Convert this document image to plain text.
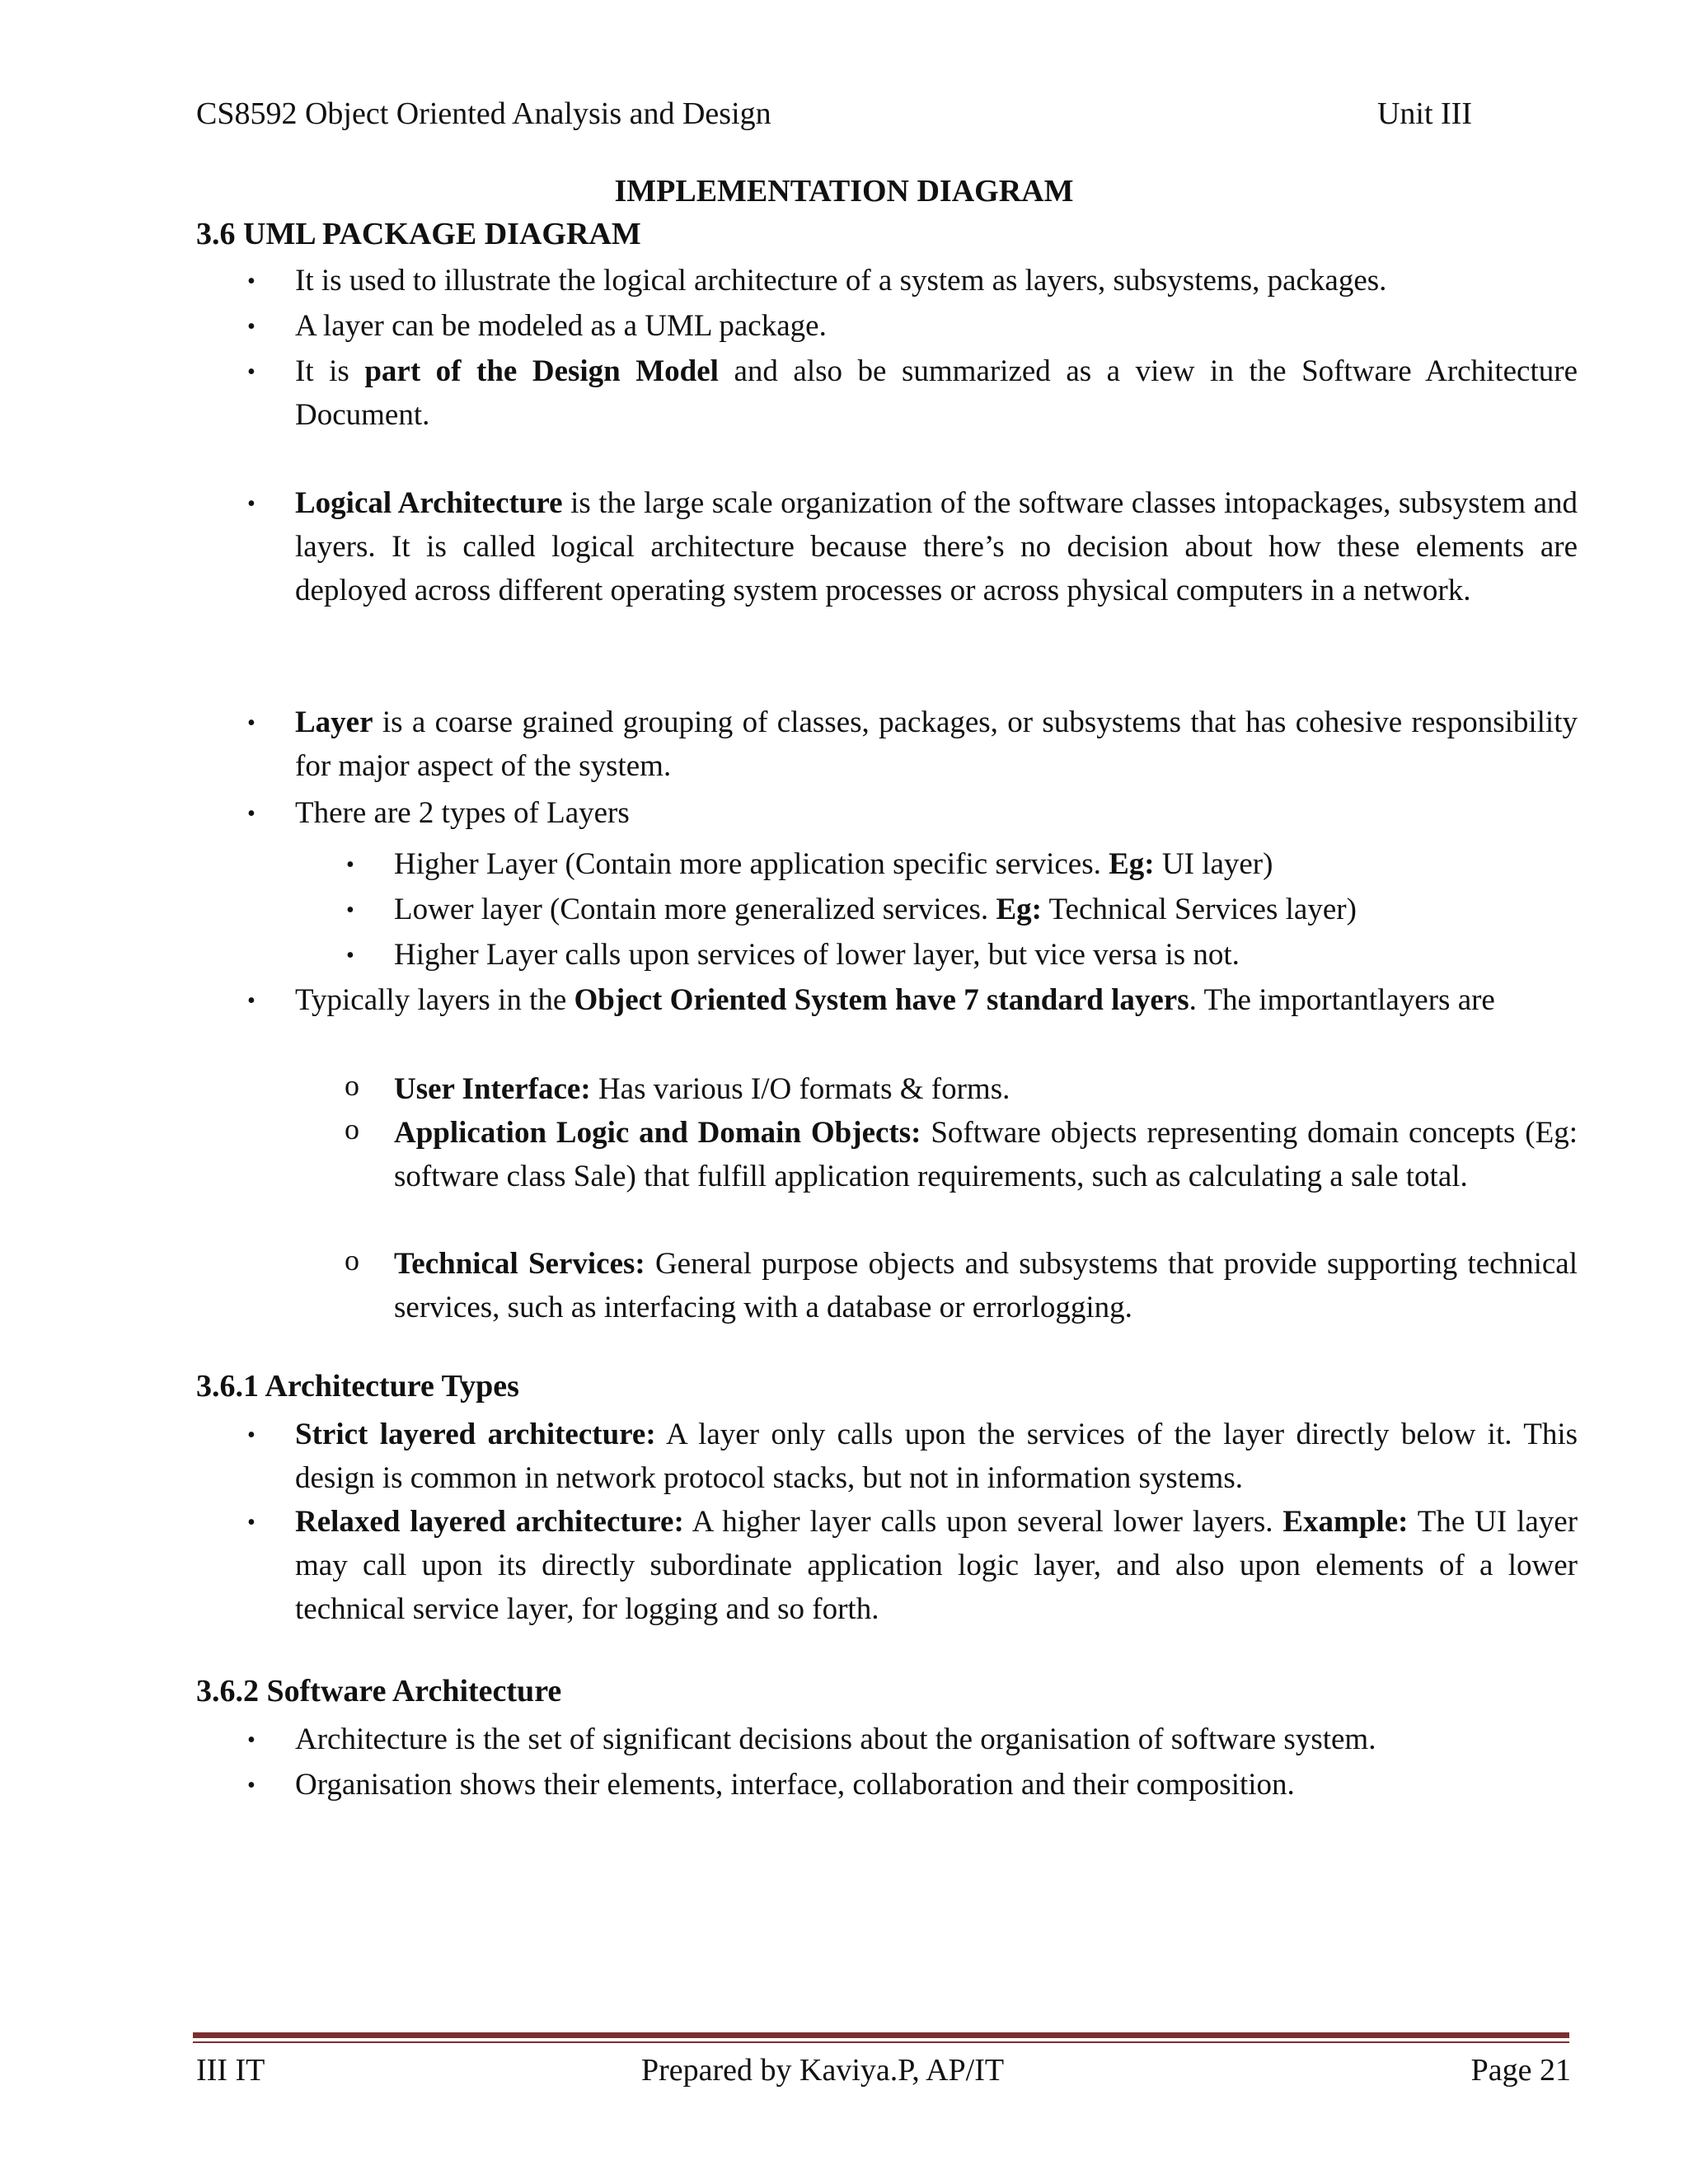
CS8592 Object Oriented Analysis and Design	Unit III
IMPLEMENTATION DIAGRAM
3.6 UML PACKAGE DIAGRAM
• It is used to illustrate the logical architecture of a system as layers, subsystems, packages.
• A layer can be modeled as a UML package.
• It is part of the Design Model and also be summarized as a view in the Software Architecture Document.
• Logical Architecture is the large scale organization of the software classes intopackages, subsystem and layers. It is called logical architecture because there’s no decision about how these elements are deployed across different operating system processes or across physical computers in a network.
• Layer is a coarse grained grouping of classes, packages, or subsystems that has cohesive responsibility for major aspect of the system.
• There are 2 types of Layers
• Higher Layer (Contain more application specific services. Eg: UI layer)
• Lower layer (Contain more generalized services. Eg: Technical Services layer)
• Higher Layer calls upon services of lower layer, but vice versa is not.
• Typically layers in the Object Oriented System have 7 standard layers. The importantlayers are
o User Interface: Has various I/O formats & forms.
o Application Logic and Domain Objects: Software objects representing domain concepts (Eg: software class Sale) that fulfill application requirements, such as calculating a sale total.
o Technical Services: General purpose objects and subsystems that provide supporting technical services, such as interfacing with a database or errorlogging.
3.6.1 Architecture Types
• Strict layered architecture: A layer only calls upon the services of the layer directly below it. This design is common in network protocol stacks, but not in information systems.
• Relaxed layered architecture: A higher layer calls upon several lower layers. Example: The UI layer may call upon its directly subordinate application logic layer, and also upon elements of a lower technical service layer, for logging and so forth.
3.6.2 Software Architecture
• Architecture is the set of significant decisions about the organisation of software system.
• Organisation shows their elements, interface, collaboration and their composition.
III IT	Prepared by Kaviya.P, AP/IT	Page 21
